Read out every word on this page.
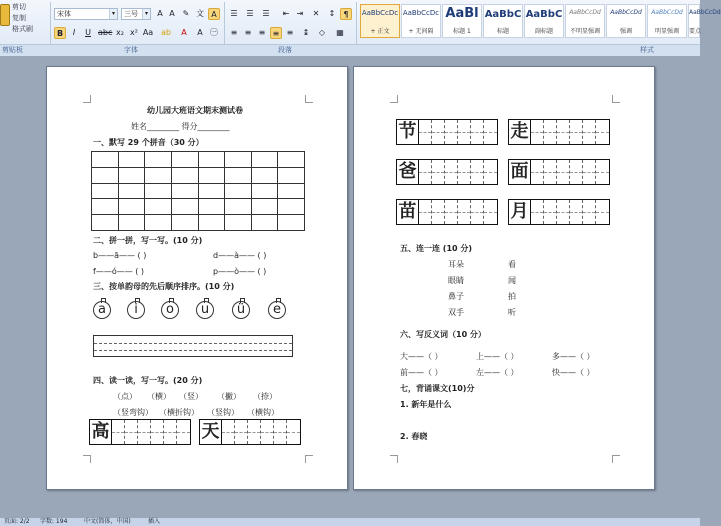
剪切
复制
格式刷
宋体	▾	三号	▾	A A ✎ 文 A
B	I	U abc x₂ x² Aa ab	A	A ㊀
☰	☰	☰	⇤ ⇥	✕	↕	¶
≡ ≡ ≡ ≡ ≡	↨	◇	▦
AaBbCcDc
+ 正文
AaBbCcDc
+ 无间隔
AaBl
标题 1
AaBbC
标题
AaBbC
副标题
AaBbCcDd
不明显强调
AaBbCcDd
强调
AaBbCcDd
明显强调
AaBbCcDd
要点
剪贴板	字体	段落	样式
幼儿园大班语文期末测试卷
姓名________ 得分________
一、默写 29 个拼音（30 分）

二、拼一拼，写一写。(10 分)
b——ā—— ( )	d——à—— ( )
f——ó—— ( )	p——ò—— ( )
三、按单韵母的先后顺序排序。(10 分)
a	i	o	u	ü	e
四、读一读，写一写。(20 分)
（点） （横） （竖） （撇） （捺）
（竖弯钩） （横折钩） （竖钩） （横钩）
高	天
节	走
爸	面
苗	月
五、连一连 (10 分)
耳朵
眼睛
鼻子
双手
看
闻
拍
听
六、写反义词（10 分）
大——（ ）	上——（ ）	多——（ ）
前——（ ）	左——（ ）	快——（ ）
七，背诵课文(10)分
1. 新年是什么
2. 春晓
页面: 2/2 字数: 194	中文(简体，中国)	插入
